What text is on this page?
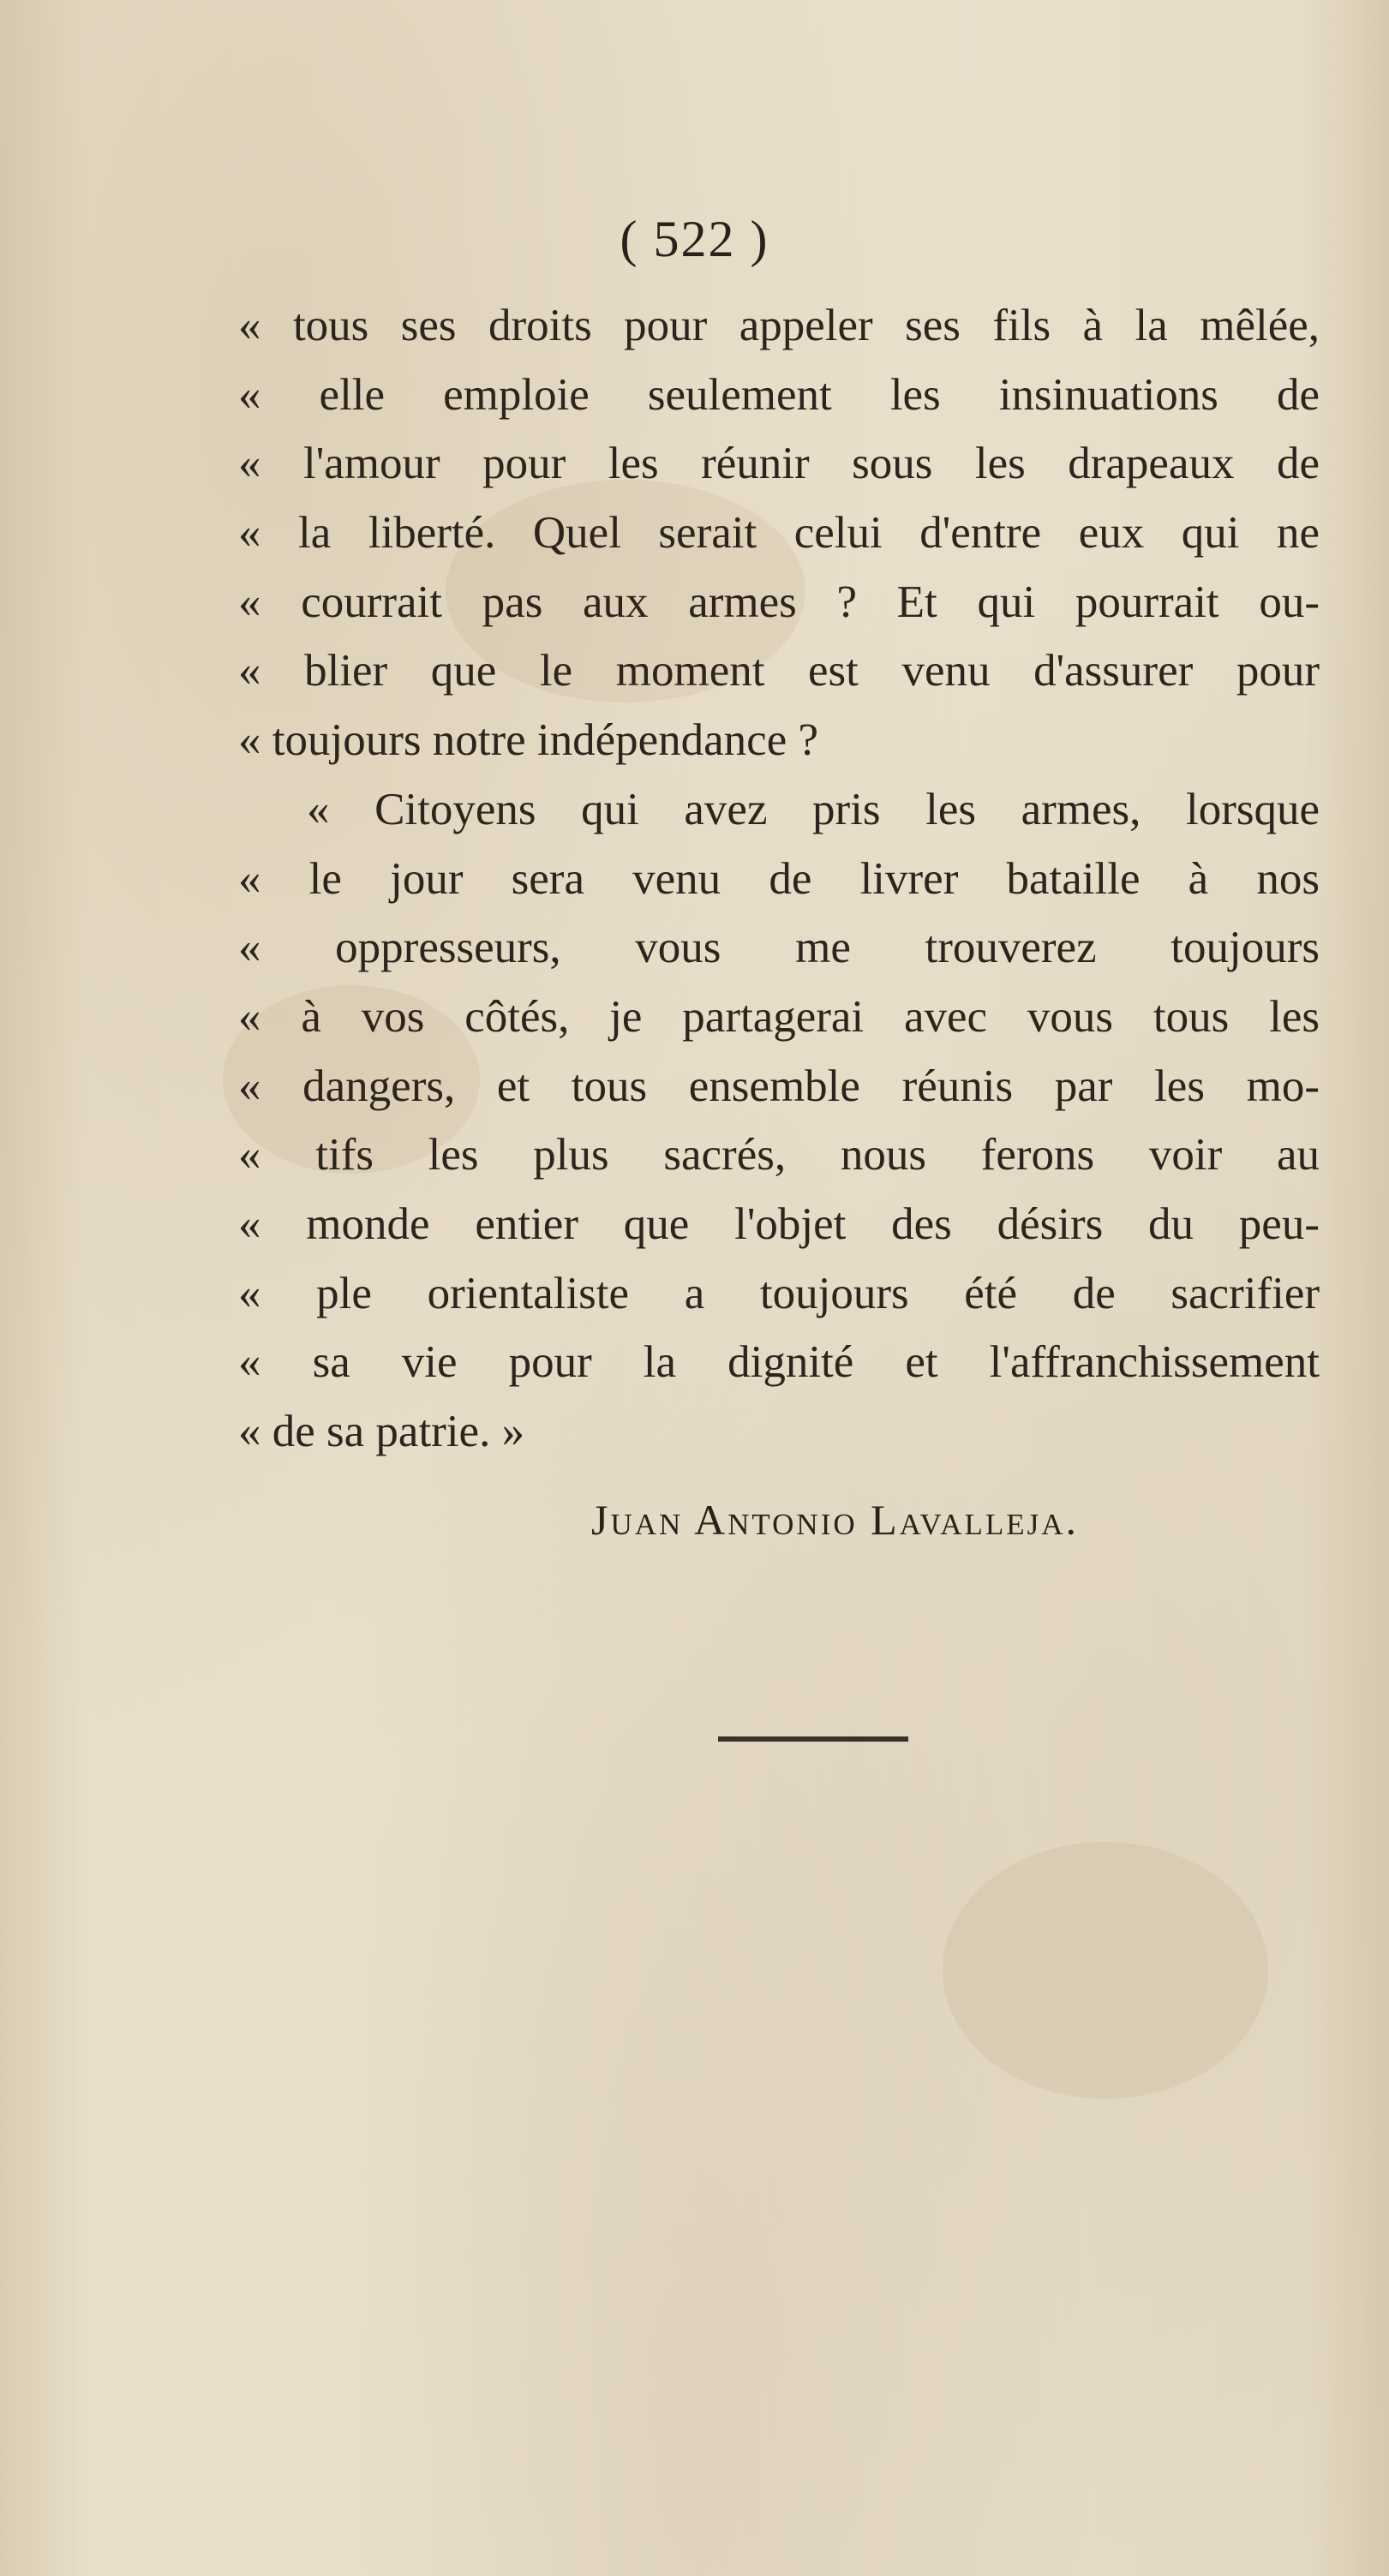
( 522 )
« tous ses droits pour appeler ses fils à la mêlée,
« elle emploie seulement les insinuations de
« l'amour pour les réunir sous les drapeaux de
« la liberté. Quel serait celui d'entre eux qui ne
« courrait pas aux armes ? Et qui pourrait ou-
« blier que le moment est venu d'assurer pour
« toujours notre indépendance ?
« Citoyens qui avez pris les armes, lorsque
« le jour sera venu de livrer bataille à nos
« oppresseurs, vous me trouverez toujours
« à vos côtés, je partagerai avec vous tous les
« dangers, et tous ensemble réunis par les mo-
« tifs les plus sacrés, nous ferons voir au
« monde entier que l'objet des désirs du peu-
« ple orientaliste a toujours été de sacrifier
« sa vie pour la dignité et l'affranchissement
« de sa patrie. »
Juan Antonio Lavalleja.
